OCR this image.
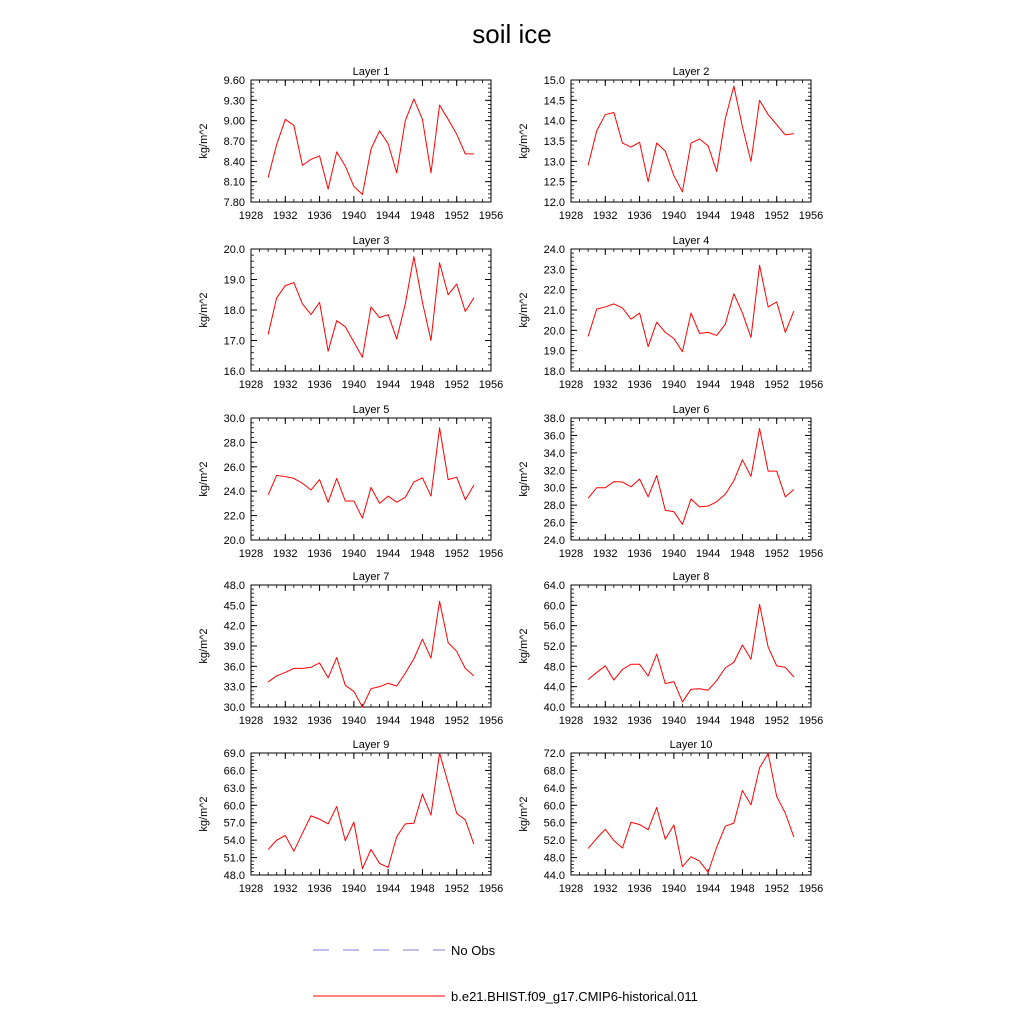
soil ice
Layer 1
kg/m^2
1928 1932 1936 1940 1944 1948 1952 1956
7.80
8.10
8.40
8.70
9.00
9.30
9.60
Layer 2
kg/m^2
1928 1932 1936 1940 1944 1948 1952 1956
12.0
12.5
13.0
13.5
14.0
14.5
15.0
Layer 3
kg/m^2
1928 1932 1936 1940 1944 1948 1952 1956
16.0
17.0
18.0
19.0
20.0
Layer 4
kg/m^2
1928 1932 1936 1940 1944 1948 1952 1956
18.0
19.0
20.0
21.0
22.0
23.0
24.0
Layer 5
kg/m^2
1928 1932 1936 1940 1944 1948 1952 1956
20.0
22.0
24.0
26.0
28.0
30.0
Layer 6
kg/m^2
1928 1932 1936 1940 1944 1948 1952 1956
24.0
26.0
28.0
30.0
32.0
34.0
36.0
38.0
Layer 7
kg/m^2
1928 1932 1936 1940 1944 1948 1952 1956
30.0
33.0
36.0
39.0
42.0
45.0
48.0
Layer 8
kg/m^2
1928 1932 1936 1940 1944 1948 1952 1956
40.0
44.0
48.0
52.0
56.0
60.0
64.0
Layer 9
kg/m^2
1928 1932 1936 1940 1944 1948 1952 1956
48.0
51.0
54.0
57.0
60.0
63.0
66.0
69.0
Layer 10
kg/m^2
1928 1932 1936 1940 1944 1948 1952 1956
44.0
48.0
52.0
56.0
60.0
64.0
68.0
72.0
No Obs
b.e21.BHIST.f09_g17.CMIP6-historical.011
